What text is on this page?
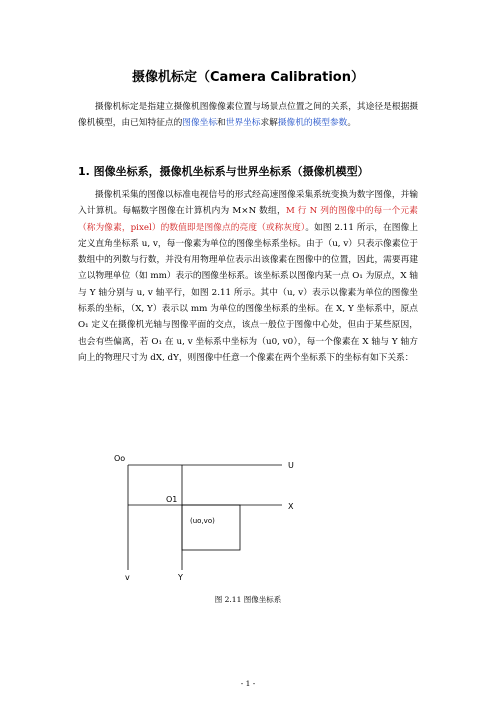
摄像机标定（Camera Calibration）

摄像机标定是指建立摄像机图像像素位置与场景点位置之间的关系，其途径是根据摄像机模型，由已知特征点的图像坐标和世界坐标求解摄像机的模型参数。

1. 图像坐标系，摄像机坐标系与世界坐标系（摄像机模型）

摄像机采集的图像以标准电视信号的形式经高速图像采集系统变换为数字图像，并输入计算机。每幅数字图像在计算机内为 M×N 数组，M 行 N 列的图像中的每一个元素（称为像素，pixel）的数值即是图像点的亮度（或称灰度）。如图 2.11 所示，在图像上定义直角坐标系 u, v，每一像素为单位的图像坐标系坐标。由于（u, v）只表示像素位于数组中的列数与行数，并没有用物理单位表示出该像素在图像中的位置，因此，需要再建立以物理单位（如 mm）表示的图像坐标系。该坐标系以图像内某一点 O₁ 为原点，X 轴与 Y 轴分别与 u, v 轴平行，如图 2.11 所示。其中（u, v）表示以像素为单位的图像坐标系的坐标，（X, Y）表示以 mm 为单位的图像坐标系的坐标。在 X, Y 坐标系中，原点 O₁ 定义在摄像机光轴与图像平面的交点，该点一般位于图像中心处，但由于某些原因，也会有些偏离，若 O₁ 在 u, v 坐标系中坐标为（u0, v0），每一个像素在 X 轴与 Y 轴方向上的物理尺寸为 dX, dY，则图像中任意一个像素在两个坐标系下的坐标有如下关系：

Oo
U
O1
X
(uo,vo)
v	Y
图 2.11 图像坐标系
- 1 -
